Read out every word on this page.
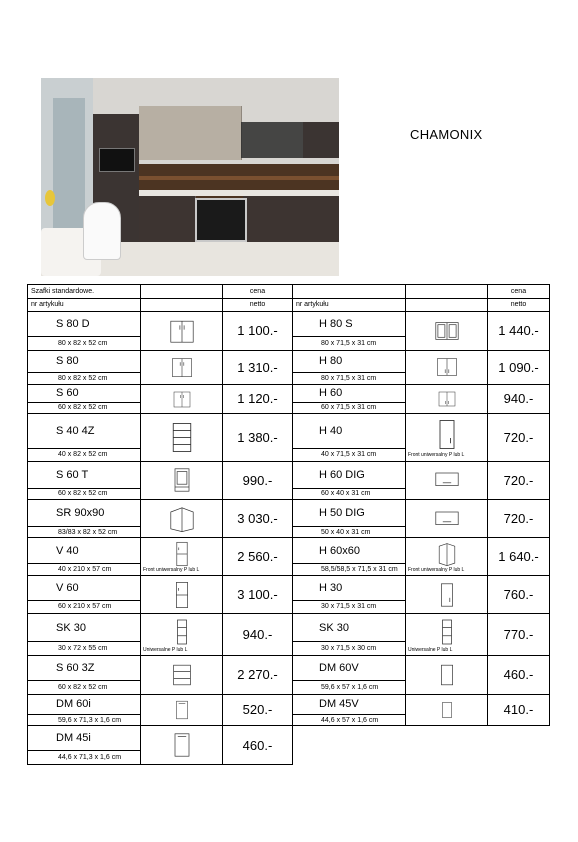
CHAMONIX
Szafki standardowe.		cena			cena
nr artykułu		netto	nr artykułu		netto
S 80 D		1 100.-	H 80 S		1 440.-
80 x 82 x 52 cm			80 x 71,5 x 31 cm		
S 80		1 310.-	H 80		1 090.-
80 x 82 x 52 cm			80 x 71,5 x 31 cm		
S 60		1 120.-	H 60		940.-
60 x 82 x 52 cm			60 x 71,5 x 31 cm		
S 40 4Z		1 380.-	H 40	Front uniwersalny P lub L	720.-
40 x 82 x 52 cm			40 x 71,5 x 31 cm		
S 60 T		990.-	H 60 DIG		720.-
60 x 82 x 52 cm			60 x 40 x 31 cm		
SR 90x90		3 030.-	H 50 DIG		720.-
83/83 x 82 x 52 cm			50 x 40 x 31 cm		
V 40	Front uniwersalny P lub L	2 560.-	H 60x60	Front uniwersalny P lub L	1 640.-
40 x 210 x 57 cm			58,5/58,5 x 71,5 x 31 cm		
V 60		3 100.-	H 30		760.-
60 x 210 x 57 cm			30 x 71,5 x 31 cm		
SK 30	Uniwersalne P lub L	940.-	SK 30	Uniwersalne P lub L	770.-
30 x 72 x 55 cm			30 x 71,5 x 30 cm		
S 60 3Z		2 270.-	DM 60V		460.-
60 x 82 x 52 cm			59,6 x 57 x 1,6 cm		
DM 60i		520.-	DM 45V		410.-
59,6 x 71,3 x 1,6 cm			44,6 x 57 x 1,6 cm		
DM 45i		460.-			
44,6 x 71,3 x 1,6 cm					
